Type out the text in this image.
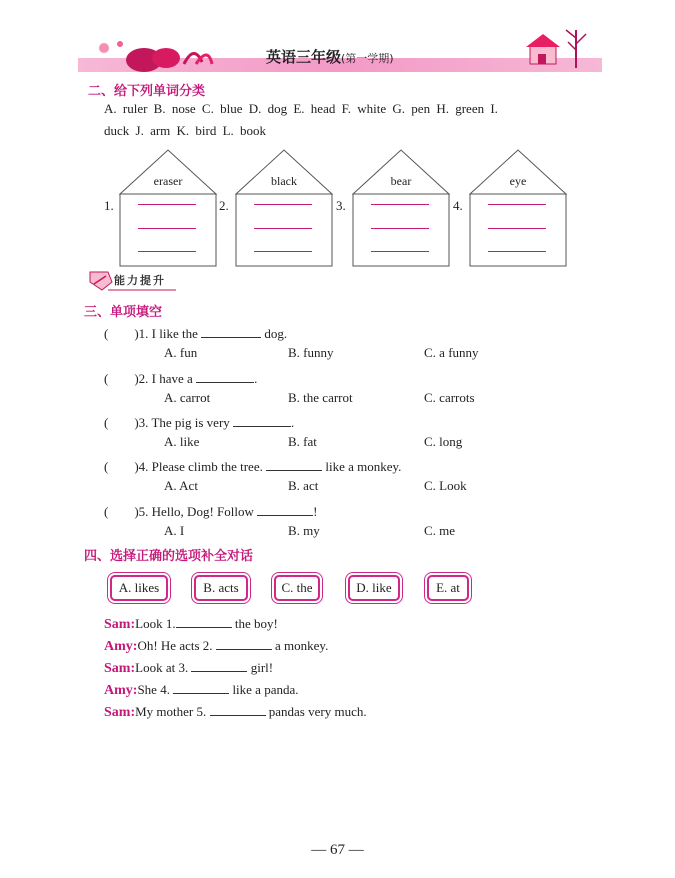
英语三年级(第一学期)
二、给下列单词分类
A. ruler B. nose C. blue D. dog E. head F. white G. pen H. green I.
duck J. arm K. bird L. book
1.
eraser
2.
black
3.
bear
4.
eye
能力提升
三、单项填空
(　　)1. I like the	dog.
A. fun	B. funny	C. a funny
(　　)2. I have a	.
A. carrot	B. the carrot	C. carrots
(　　)3. The pig is very	.
A. like	B. fat	C. long
(　　)4. Please climb the tree.	like a monkey.
A. Act	B. act	C. Look
(　　)5. Hello, Dog! Follow	!
A. I	B. my	C. me
四、选择正确的选项补全对话
A. likes	B. acts	C. the	D. like	E. at
Sam:Look 1.	the boy!
Amy:Oh! He acts 2.	a monkey.
Sam:Look at 3.	girl!
Amy:She 4.	like a panda.
Sam:My mother 5.	pandas very much.
— 67 —
